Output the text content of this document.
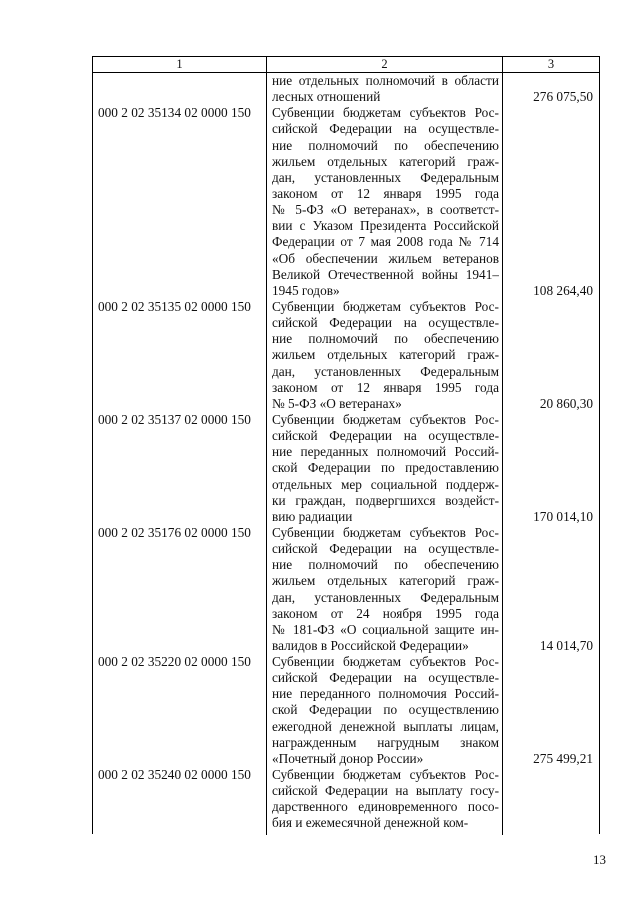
1	2	3
000 2 02 35134 02 0000 150
000 2 02 35135 02 0000 150
000 2 02 35137 02 0000 150
000 2 02 35176 02 0000 150
000 2 02 35220 02 0000 150
000 2 02 35240 02 0000 150
ние отдельных полномочий в области
лесных отношений
Субвенции бюджетам субъектов Рос-
сийской Федерации на осуществле-
ние полномочий по обеспечению
жильем отдельных категорий граж-
дан, установленных Федеральным
законом от 12 января 1995 года
№ 5-ФЗ «О ветеранах», в соответст-
вии с Указом Президента Российской
Федерации от 7 мая 2008 года № 714
«Об обеспечении жильем ветеранов
Великой Отечественной войны 1941–
1945 годов»
Субвенции бюджетам субъектов Рос-
сийской Федерации на осуществле-
ние полномочий по обеспечению
жильем отдельных категорий граж-
дан, установленных Федеральным
законом от 12 января 1995 года
№ 5-ФЗ «О ветеранах»
Субвенции бюджетам субъектов Рос-
сийской Федерации на осуществле-
ние переданных полномочий Россий-
ской Федерации по предоставлению
отдельных мер социальной поддерж-
ки граждан, подвергшихся воздейст-
вию радиации
Субвенции бюджетам субъектов Рос-
сийской Федерации на осуществле-
ние полномочий по обеспечению
жильем отдельных категорий граж-
дан, установленных Федеральным
законом от 24 ноября 1995 года
№ 181-ФЗ «О социальной защите ин-
валидов в Российской Федерации»
Субвенции бюджетам субъектов Рос-
сийской Федерации на осуществле-
ние переданного полномочия Россий-
ской Федерации по осуществлению
ежегодной денежной выплаты лицам,
награжденным нагрудным знаком
«Почетный донор России»
Субвенции бюджетам субъектов Рос-
сийской Федерации на выплату госу-
дарственного единовременного посо-
бия и ежемесячной денежной ком-
276 075,50
108 264,40
20 860,30
170 014,10
14 014,70
275 499,21
13
